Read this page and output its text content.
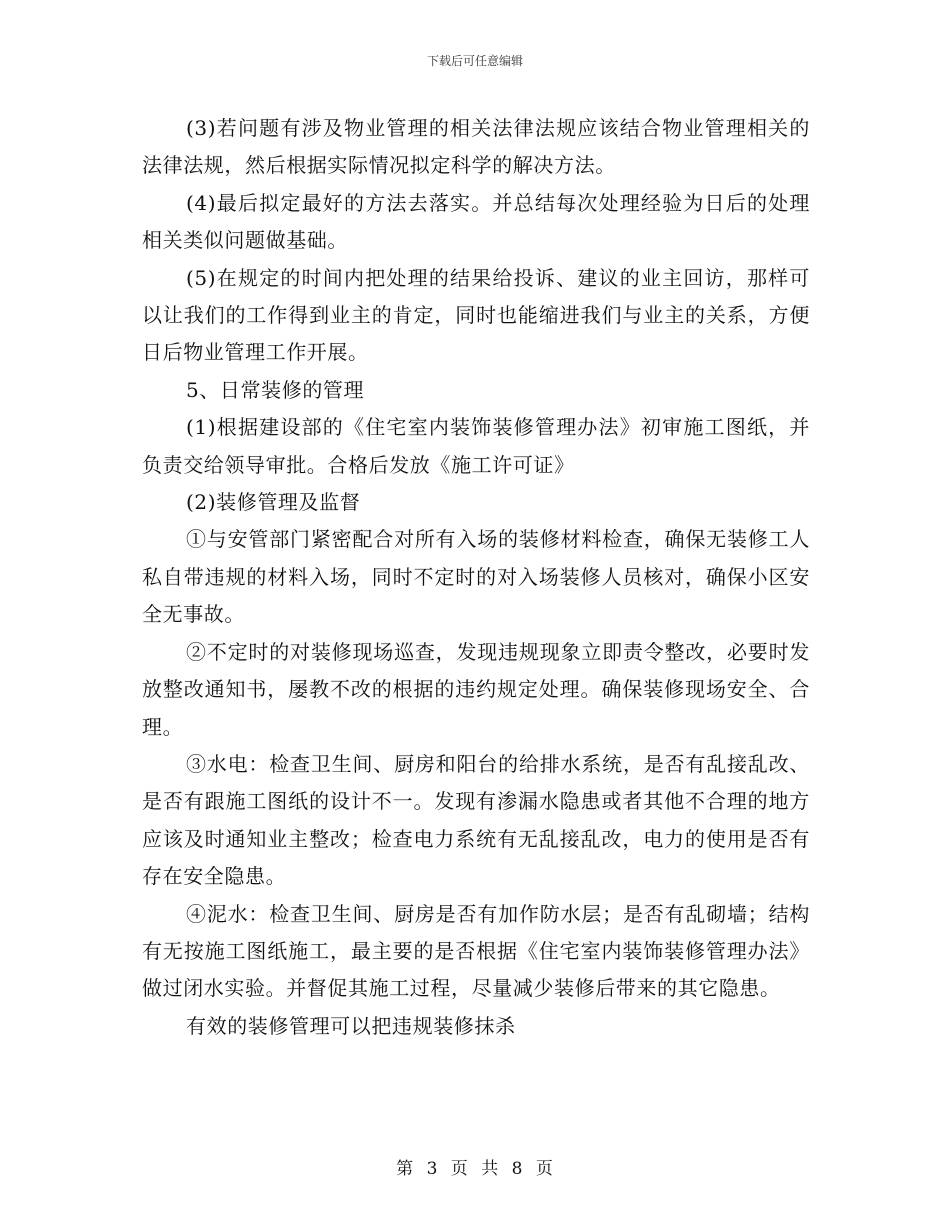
下载后可任意编辑

(3)若问题有涉及物业管理的相关法律法规应该结合物业管理相关的法律法规，然后根据实际情况拟定科学的解决方法。

(4)最后拟定最好的方法去落实。并总结每次处理经验为日后的处理相关类似问题做基础。

(5)在规定的时间内把处理的结果给投诉、建议的业主回访，那样可以让我们的工作得到业主的肯定，同时也能缩进我们与业主的关系，方便日后物业管理工作开展。

5、日常装修的管理

(1)根据建设部的《住宅室内装饰装修管理办法》初审施工图纸，并负责交给领导审批。合格后发放《施工许可证》

(2)装修管理及监督

①与安管部门紧密配合对所有入场的装修材料检查，确保无装修工人私自带违规的材料入场，同时不定时的对入场装修人员核对，确保小区安全无事故。

②不定时的对装修现场巡查，发现违规现象立即责令整改，必要时发放整改通知书，屡教不改的根据的违约规定处理。确保装修现场安全、合理。

③水电：检查卫生间、厨房和阳台的给排水系统，是否有乱接乱改、是否有跟施工图纸的设计不一。发现有渗漏水隐患或者其他不合理的地方应该及时通知业主整改；检查电力系统有无乱接乱改，电力的使用是否有存在安全隐患。

④泥水：检查卫生间、厨房是否有加作防水层；是否有乱砌墙；结构有无按施工图纸施工，最主要的是否根据《住宅室内装饰装修管理办法》做过闭水实验。并督促其施工过程，尽量减少装修后带来的其它隐患。

有效的装修管理可以把违规装修抹杀

第 3 页 共 8 页
